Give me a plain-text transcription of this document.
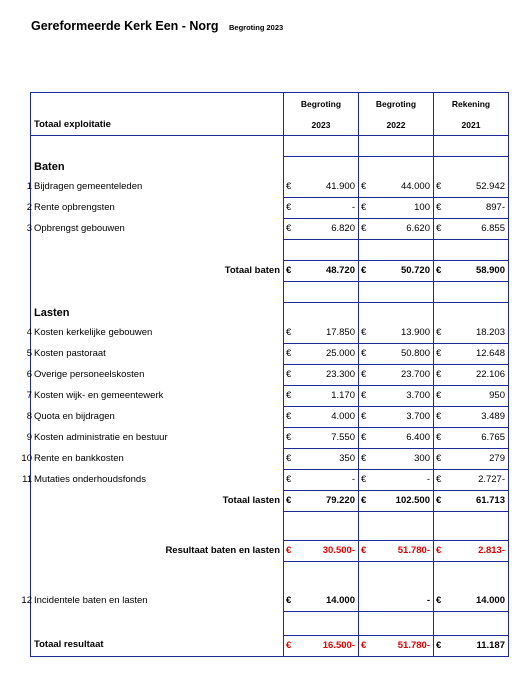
Gereformeerde Kerk Een - Norg Begroting 2023
	Begroting	Begroting	Rekening
Totaal exploitatie	2023	2022	2021

Baten			

1 Bijdragen gemeenteleden	€ 41.900	€ 44.000	€ 52.942

2 Rente opbrengsten	€ -	€ 100	€ 897-

3 Opbrengst gebouwen	€ 6.820	€ 6.620	€ 6.855

Totaal baten	€ 48.720	€ 50.720	€ 58.900

Lasten			

4 Kosten kerkelijke gebouwen	€ 17.850	€ 13.900	€ 18.203

5 Kosten pastoraat	€ 25.000	€ 50.800	€ 12.648

6 Overige personeelskosten	€ 23.300	€ 23.700	€ 22.106

7 Kosten wijk- en gemeentewerk	€ 1.170	€ 3.700	€ 950

8 Quota en bijdragen	€ 4.000	€ 3.700	€ 3.489

9 Kosten administratie en bestuur	€ 7.550	€ 6.400	€ 6.765

10 Rente en bankkosten	€ 350	€ 300	€ 279

11 Mutaties onderhoudsfonds	€ -	€ -	€ 2.727-

Totaal lasten	€ 79.220	€ 102.500	€ 61.713

Resultaat baten en lasten	€ 30.500-	€ 51.780-	€ 2.813-

12 Incidentele baten en lasten	€ 14.000	-	€ 14.000

Totaal resultaat	€ 16.500-	€ 51.780-	€ 11.187
